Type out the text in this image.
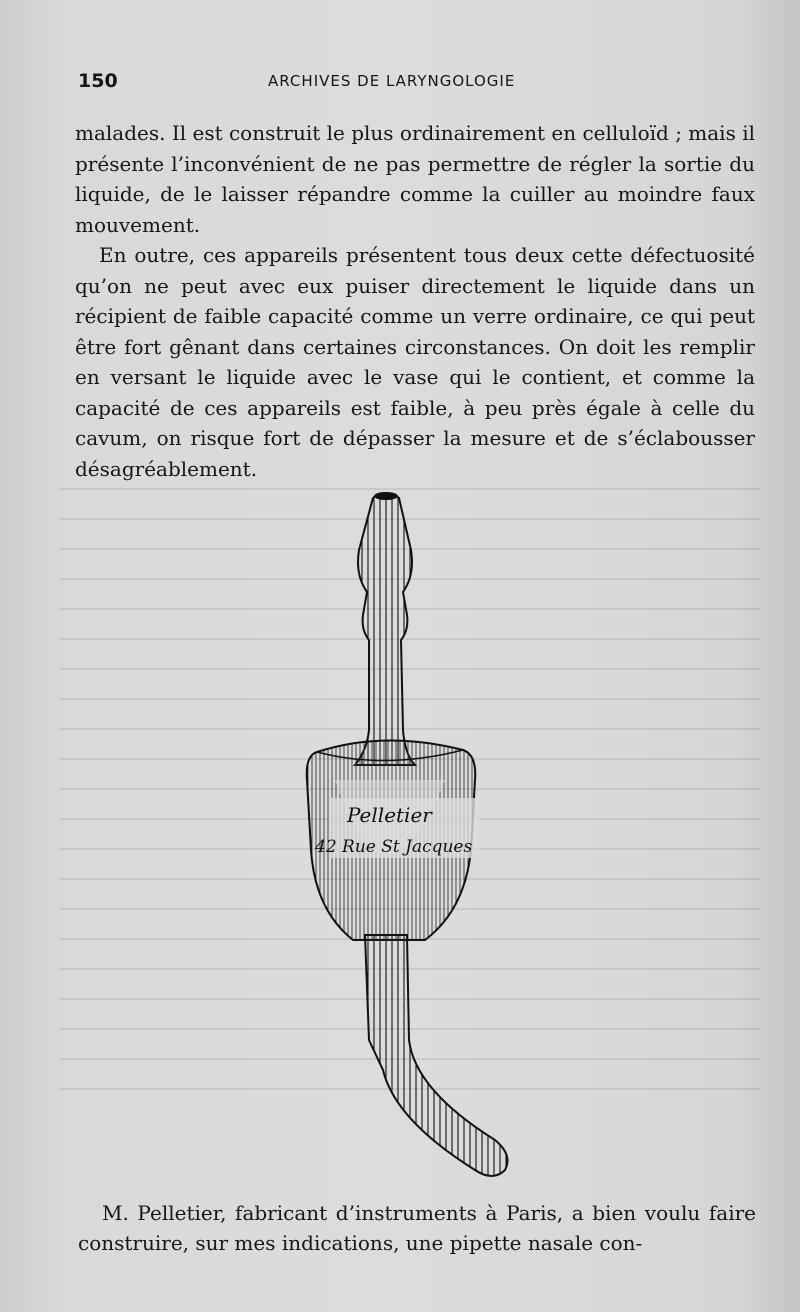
150	ARCHIVES DE LARYNGOLOGIE

malades. Il est construit le plus ordinairement en celluloïd ; mais il présente l’inconvénient de ne pas permettre de régler la sortie du liquide, de le laisser répandre comme la cuiller au moindre faux mouvement.

En outre, ces appareils présentent tous deux cette défectuosité qu’on ne peut avec eux puiser directement le liquide dans un récipient de faible capacité comme un verre ordinaire, ce qui peut être fort gênant dans certaines circonstances. On doit les remplir en versant le liquide avec le vase qui le contient, et comme la capacité de ces appareils est faible, à peu près égale à celle du cavum, on risque fort de dépasser la mesure et de s’éclabousser désagréablement.

Pelletier
42 Rue St Jacques

M. Pelletier, fabricant d’instruments à Paris, a bien voulu faire construire, sur mes indications, une pipette nasale con-
